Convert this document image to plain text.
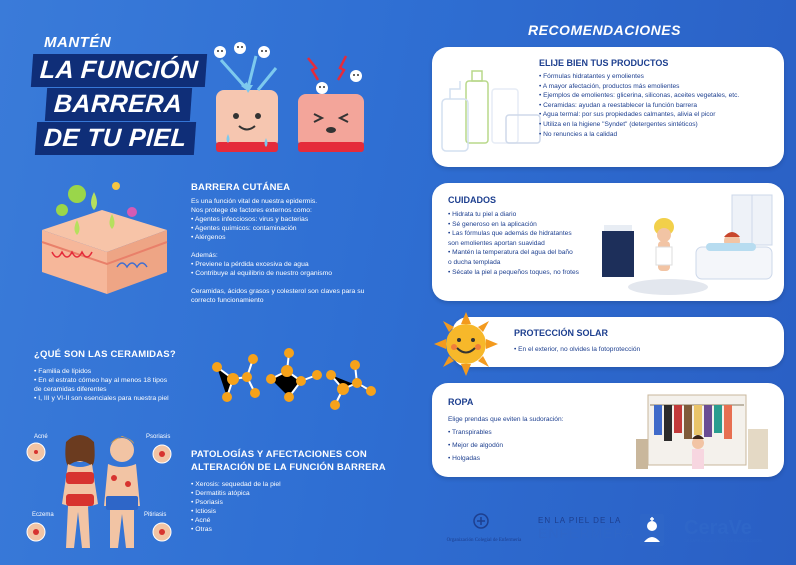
MANTÉN
LA FUNCIÓN
BARRERA
DE TU PIEL
BARRERA CUTÁNEA
Es una función vital de nuestra epidermis.
Nos protege de factores externos como:
• Agentes infecciosos: virus y bacterias
• Agentes químicos: contaminación
• Alérgenos
Además:
• Previene la pérdida excesiva de agua
• Contribuye al equilibrio de nuestro organismo
Ceramidas, ácidos grasos y colesterol son claves para su
correcto funcionamiento
¿QUÉ SON LAS CERAMIDAS?
• Familia de lípidos
• En el estrato córneo hay al menos 18 tipos
de ceramidas diferentes
• I, III y VI-II son esenciales para nuestra piel
Acné	Psoriasis
Eczema	Pitiriasis
PATOLOGÍAS Y AFECTACIONES CON
ALTERACIÓN DE LA FUNCIÓN BARRERA
• Xerosis: sequedad de la piel
• Dermatitis atópica
• Psoriasis
• Ictiosis
• Acné
• Otras
RECOMENDACIONES
ELIJE BIEN TUS PRODUCTOS
• Fórmulas hidratantes y emolientes
• A mayor afectación, productos más emolientes
• Ejemplos de emolientes: glicerina, siliconas, aceites vegetales, etc.
• Ceramidas: ayudan a reestablecer la función barrera
• Agua termal: por sus propiedades calmantes, alivia el picor
• Utiliza en la higiene "Syndet" (detergentes sintéticos)
• No renuncies a la calidad
CUIDADOS
• Hidrata tu piel a diario
• Sé generoso en la aplicación
• Las fórmulas que además de hidratantes
son emolientes aportan suavidad
• Mantén la temperatura del agua del baño
o ducha templada
• Sécate la piel a pequeños toques, no frotes
PROTECCIÓN SOLAR
• En el exterior, no olvides la fotoprotección
ROPA
Elige prendas que eviten la sudoración:
• Transpirables
• Mejor de algodón
• Holgadas
Organización Colegial de Enfermería
EN LA PIEL DE LA
ENFERMERA CeraVe
DESARROLLADO CON DERMATÓLOGOS
